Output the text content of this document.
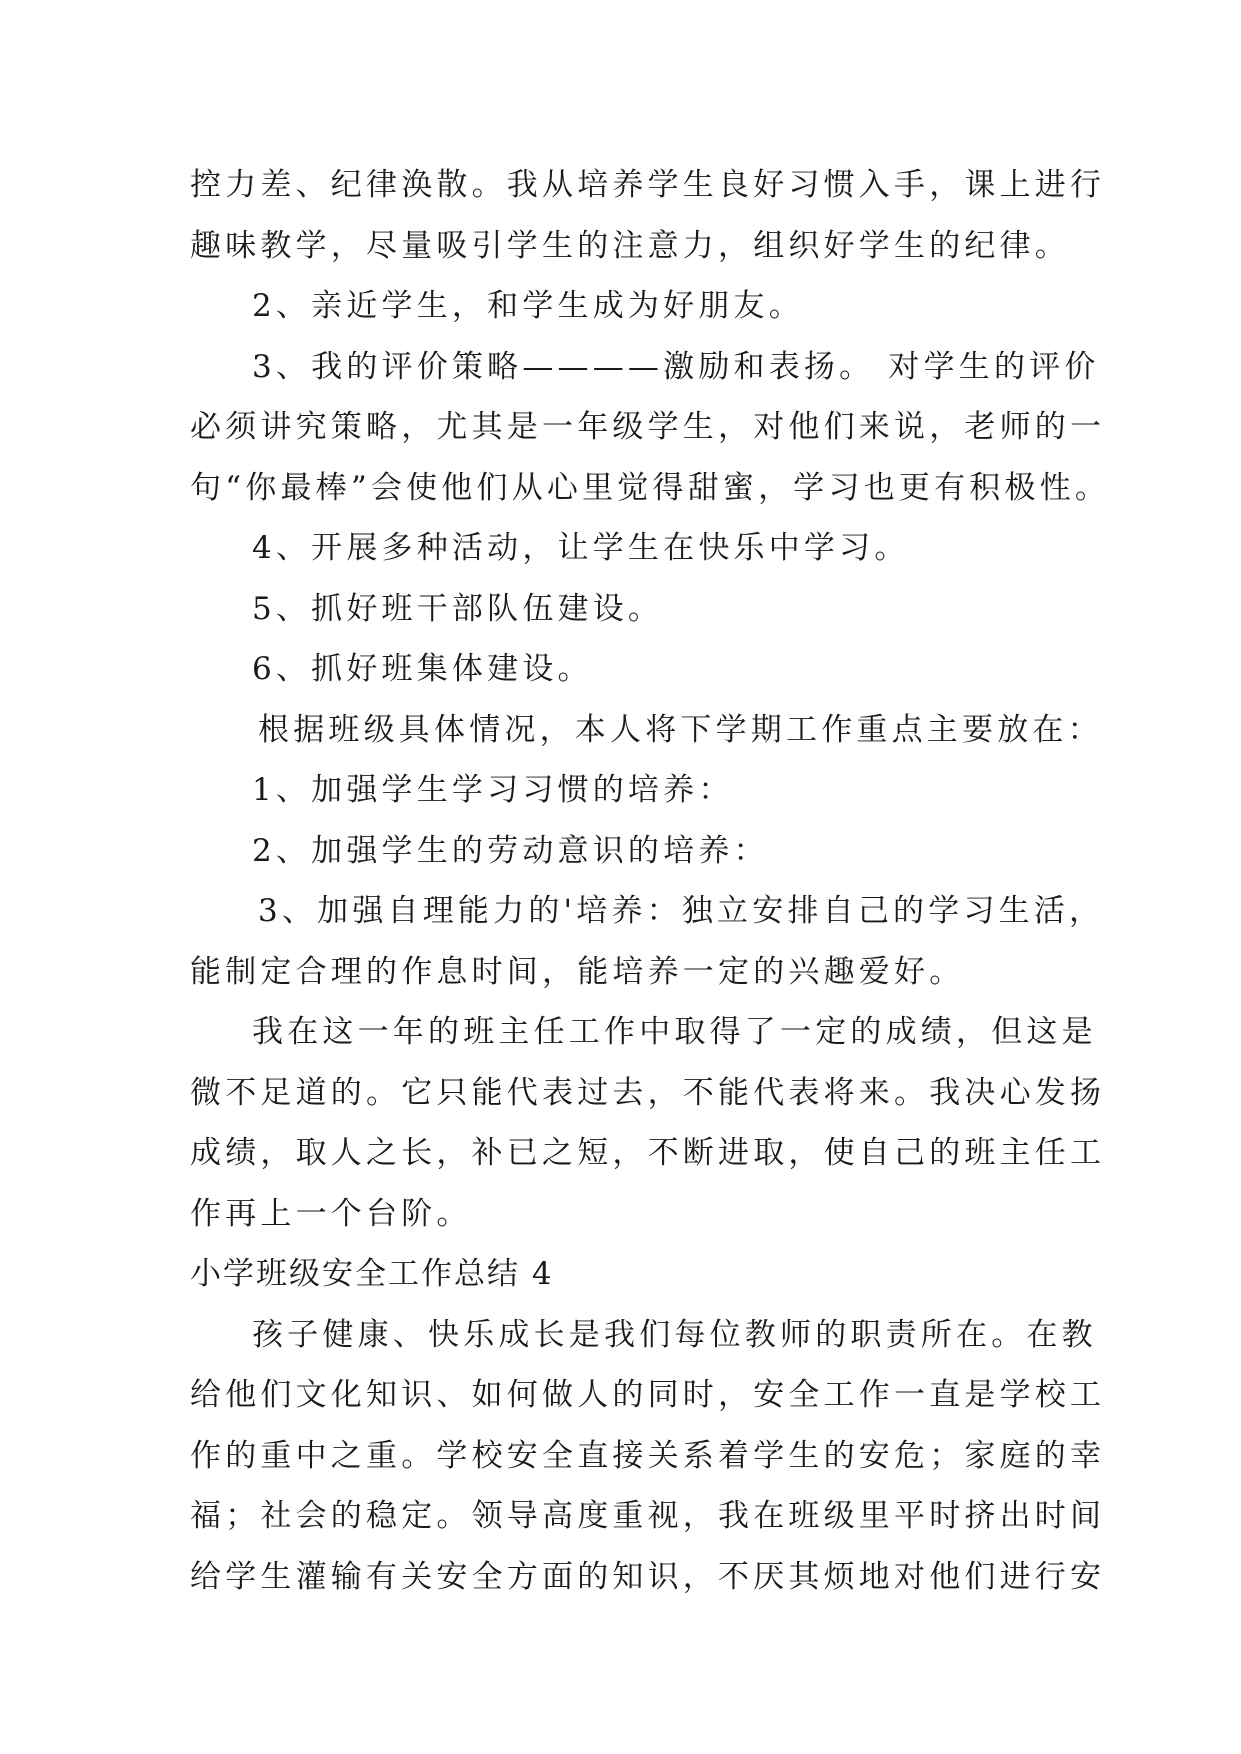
控力差、纪律涣散。我从培养学生良好习惯入手，课上进行
趣味教学，尽量吸引学生的注意力，组织好学生的纪律。
2、亲近学生，和学生成为好朋友。
3、我的评价策略————激励和表扬。 对学生的评价
必须讲究策略，尤其是一年级学生，对他们来说，老师的一
句“你最棒”会使他们从心里觉得甜蜜，学习也更有积极性。
4、开展多种活动，让学生在快乐中学习。
5、抓好班干部队伍建设。
6、抓好班集体建设。
根据班级具体情况，本人将下学期工作重点主要放在：
1、加强学生学习习惯的培养：
2、加强学生的劳动意识的培养：
3、加强自理能力的'培养：独立安排自己的学习生活，
能制定合理的作息时间，能培养一定的兴趣爱好。
我在这一年的班主任工作中取得了一定的成绩，但这是
微不足道的。它只能代表过去，不能代表将来。我决心发扬
成绩，取人之长，补已之短，不断进取，使自己的班主任工
作再上一个台阶。
小学班级安全工作总结 4
孩子健康、快乐成长是我们每位教师的职责所在。在教
给他们文化知识、如何做人的同时，安全工作一直是学校工
作的重中之重。学校安全直接关系着学生的安危；家庭的幸
福；社会的稳定。领导高度重视，我在班级里平时挤出时间
给学生灌输有关安全方面的知识，不厌其烦地对他们进行安
